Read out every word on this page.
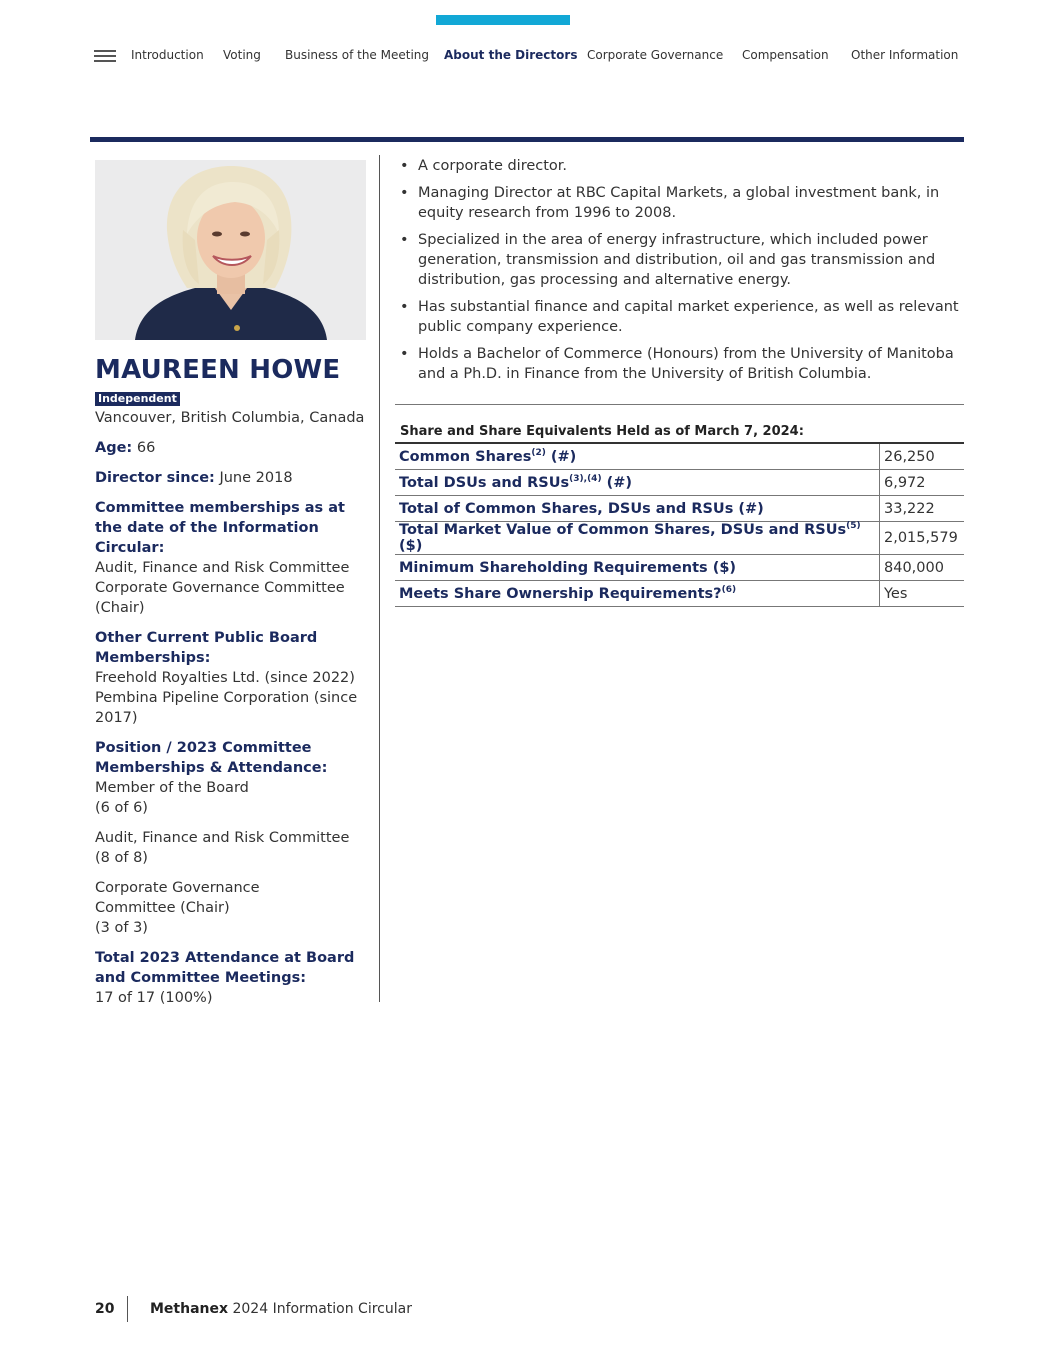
Introduction Voting Business of the Meeting About the Directors Corporate Governance Compensation Other Information
MAUREEN HOWE
Independent
Vancouver, British Columbia, Canada
Age: 66
Director since: June 2018
Committee memberships as at the date of the Information Circular:
Audit, Finance and Risk Committee
Corporate Governance Committee (Chair)
Other Current Public Board Memberships:
Freehold Royalties Ltd. (since 2022)
Pembina Pipeline Corporation (since 2017)
Position / 2023 Committee Memberships & Attendance:
Member of the Board
(6 of 6)
Audit, Finance and Risk Committee
(8 of 8)
Corporate Governance Committee (Chair)
(3 of 3)
Total 2023 Attendance at Board and Committee Meetings:
17 of 17 (100%)
• A corporate director.
• Managing Director at RBC Capital Markets, a global investment bank, in equity research from 1996 to 2008.
• Specialized in the area of energy infrastructure, which included power generation, transmission and distribution, oil and gas transmission and distribution, gas processing and alternative energy.
• Has substantial finance and capital market experience, as well as relevant public company experience.
• Holds a Bachelor of Commerce (Honours) from the University of Manitoba and a Ph.D. in Finance from the University of British Columbia.
Share and Share Equivalents Held as of March 7, 2024:
Common Shares$^{(2)}$ (#)	26,250
Total DSUs and RSUs$^{(3),(4)}$ (#)	6,972
Total of Common Shares, DSUs and RSUs (#)	33,222
Total Market Value of Common Shares, DSUs and RSUs$^{(5)}$ ($)	2,015,579
Minimum Shareholding Requirements ($)	840,000
Meets Share Ownership Requirements?$^{(6)}$	Yes
20	Methanex 2024 Information Circular
